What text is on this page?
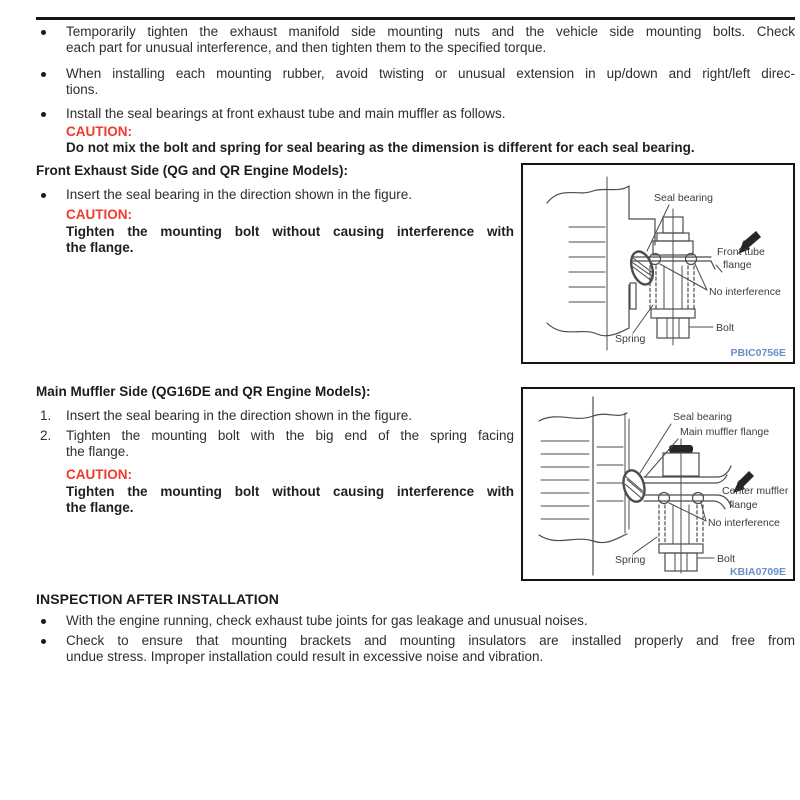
Temporarily tighten the exhaust manifold side mounting nuts and the vehicle side mounting bolts. Check
each part for unusual interference, and then tighten them to the specified torque.
When installing each mounting rubber, avoid twisting or unusual extension in up/down and right/left direc-
tions.
Install the seal bearings at front exhaust tube and main muffler as follows.
CAUTION:
Do not mix the bolt and spring for seal bearing as the dimension is different for each seal bearing.
Front Exhaust Side (QG and QR Engine Models):
Insert the seal bearing in the direction shown in the figure.
CAUTION:
Tighten the mounting bolt without causing interference with
the flange.
Seal bearing
Front tube
flange
No interference
Bolt
Spring
PBIC0756E
Main Muffler Side (QG16DE and QR Engine Models):
1.	Insert the seal bearing in the direction shown in the figure.
2.	Tighten the mounting bolt with the big end of the spring facing
the flange.
CAUTION:
Tighten the mounting bolt without causing interference with
the flange.
Seal bearing
Main muffler flange
Center muffler
flange
No interference
Spring	Bolt
KBIA0709E
INSPECTION AFTER INSTALLATION
With the engine running, check exhaust tube joints for gas leakage and unusual noises.
Check to ensure that mounting brackets and mounting insulators are installed properly and free from
undue stress. Improper installation could result in excessive noise and vibration.
